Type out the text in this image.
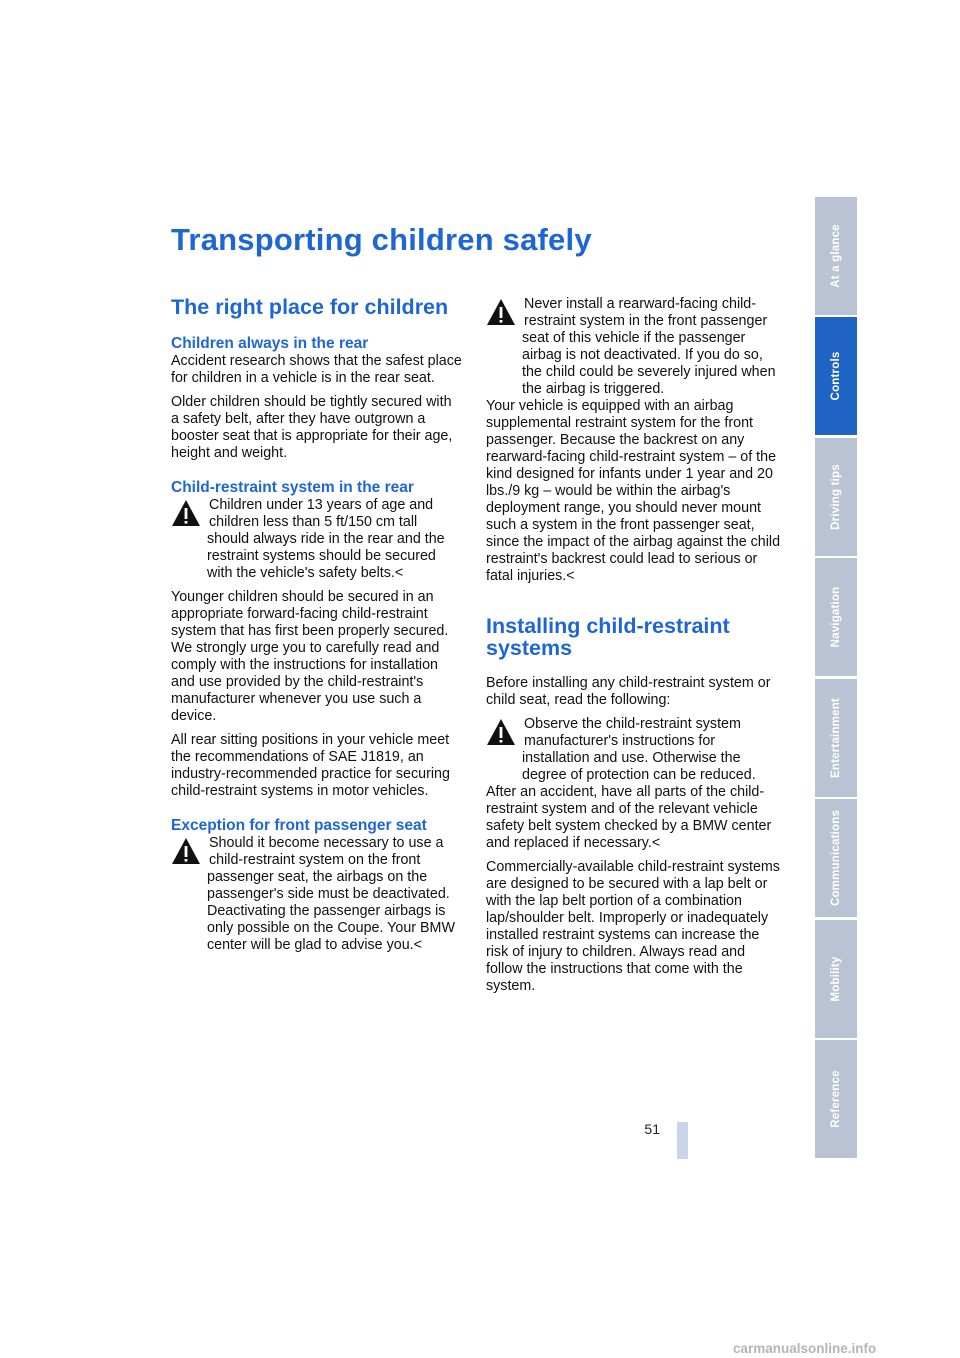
Transporting children safely
The right place for children
Children always in the rear

Accident research shows that the safest place for children in a vehicle is in the rear seat.

Older children should be tightly secured with a safety belt, after they have outgrown a booster seat that is appropriate for their age, height and weight.

Child-restraint system in the rear

Children under 13 years of age and children less than 5 ft/150 cm tall should always ride in the rear and the restraint systems should be secured with the vehicle's safety belts.<

Younger children should be secured in an appropriate forward-facing child-restraint system that has first been properly secured. We strongly urge you to carefully read and comply with the instructions for installation and use provided by the child-restraint's manufacturer whenever you use such a device.

All rear sitting positions in your vehicle meet the recommendations of SAE J1819, an industry-recommended practice for securing child-restraint systems in motor vehicles.

Exception for front passenger seat

Should it become necessary to use a child-restraint system on the front passenger seat, the airbags on the passenger's side must be deactivated. Deactivating the passenger airbags is only possible on the Coupe. Your BMW center will be glad to advise you.<

Never install a rearward-facing child-restraint system in the front passenger seat of this vehicle if the passenger airbag is not deactivated. If you do so, the child could be severely injured when the airbag is triggered.

Your vehicle is equipped with an airbag supplemental restraint system for the front passenger. Because the backrest on any rearward-facing child-restraint system – of the kind designed for infants under 1 year and 20 lbs./9 kg – would be within the airbag's deployment range, you should never mount such a system in the front passenger seat, since the impact of the airbag against the child restraint's backrest could lead to serious or fatal injuries.<

Installing child-restraint systems

Before installing any child-restraint system or child seat, read the following:

Observe the child-restraint system manufacturer's instructions for installation and use. Otherwise the degree of protection can be reduced.

After an accident, have all parts of the child-restraint system and of the relevant vehicle safety belt system checked by a BMW center and replaced if necessary.<

Commercially-available child-restraint systems are designed to be secured with a lap belt or with the lap belt portion of a combination lap/shoulder belt. Improperly or inadequately installed restraint systems can increase the risk of injury to children. Always read and follow the instructions that come with the system.

At a glance
Controls
Driving tips
Navigation
Entertainment
Communications
Mobility
Reference
51
carmanualsonline.info
